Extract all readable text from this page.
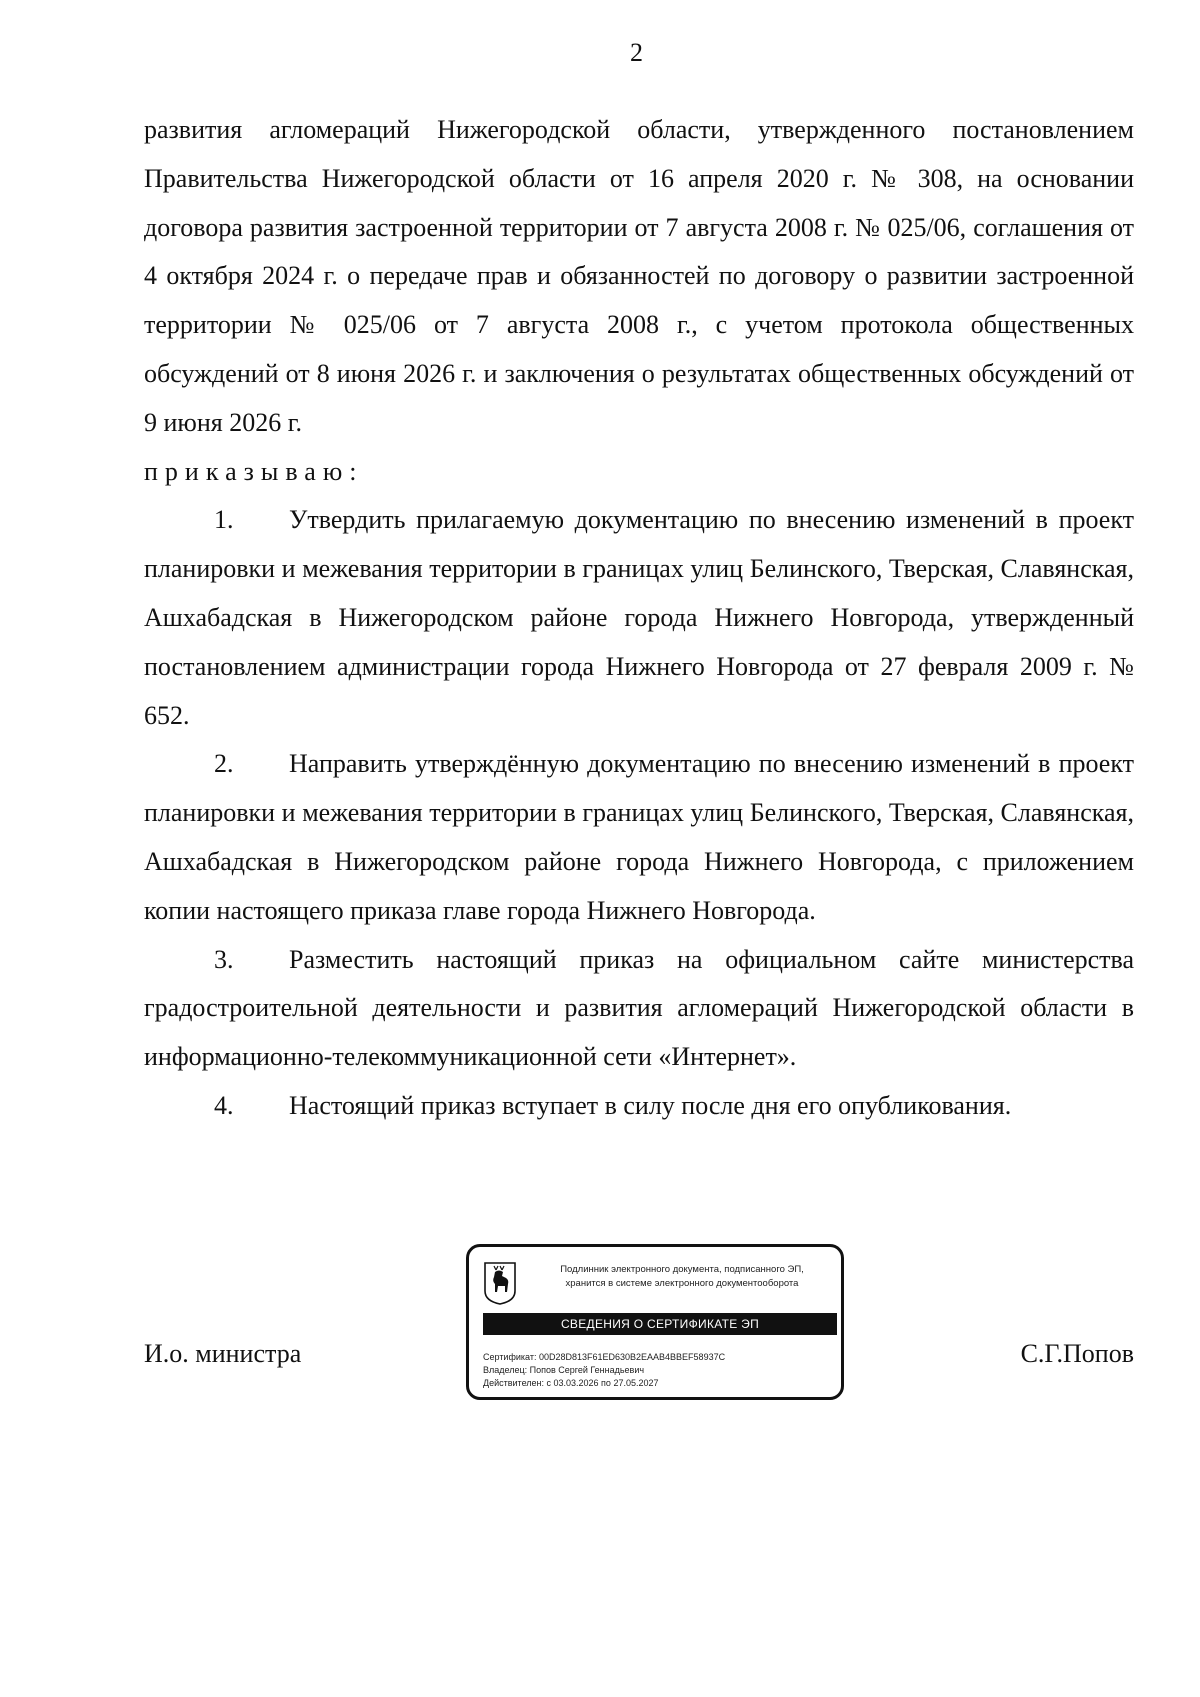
2

развития агломераций Нижегородской области, утвержденного постановлением Правительства Нижегородской области от 16 апреля 2020 г. № 308, на основании договора развития застроенной территории от 7 августа 2008 г. № 025/06, соглашения от 4 октября 2024 г. о передаче прав и обязанностей по договору о развитии застроенной территории № 025/06 от 7 августа 2008 г., с учетом протокола общественных обсуждений от 8 июня 2026 г. и заключения о результатах общественных обсуждений от 9 июня 2026 г.

приказываю:

1. Утвердить прилагаемую документацию по внесению изменений в проект планировки и межевания территории в границах улиц Белинского, Тверская, Славянская, Ашхабадская в Нижегородском районе города Нижнего Новгорода, утвержденный постановлением администрации города Нижнего Новгорода от 27 февраля 2009 г. № 652.

2. Направить утверждённую документацию по внесению изменений в проект планировки и межевания территории в границах улиц Белинского, Тверская, Славянская, Ашхабадская в Нижегородском районе города Нижнего Новгорода, с приложением копии настоящего приказа главе города Нижнего Новгорода.

3. Разместить настоящий приказ на официальном сайте министерства градостроительной деятельности и развития агломераций Нижегородской области в информационно-телекоммуникационной сети «Интернет».

4. Настоящий приказ вступает в силу после дня его опубликования.

И.о. министра	С.Г.Попов
Подлинник электронного документа, подписанного ЭП,
хранится в системе электронного документооборота
СВЕДЕНИЯ О СЕРТИФИКАТЕ ЭП
Сертификат: 00D28D813F61ED630B2EAAB4BBEF58937C
Владелец: Попов Сергей Геннадьевич
Действителен: с 03.03.2026 по 27.05.2027
